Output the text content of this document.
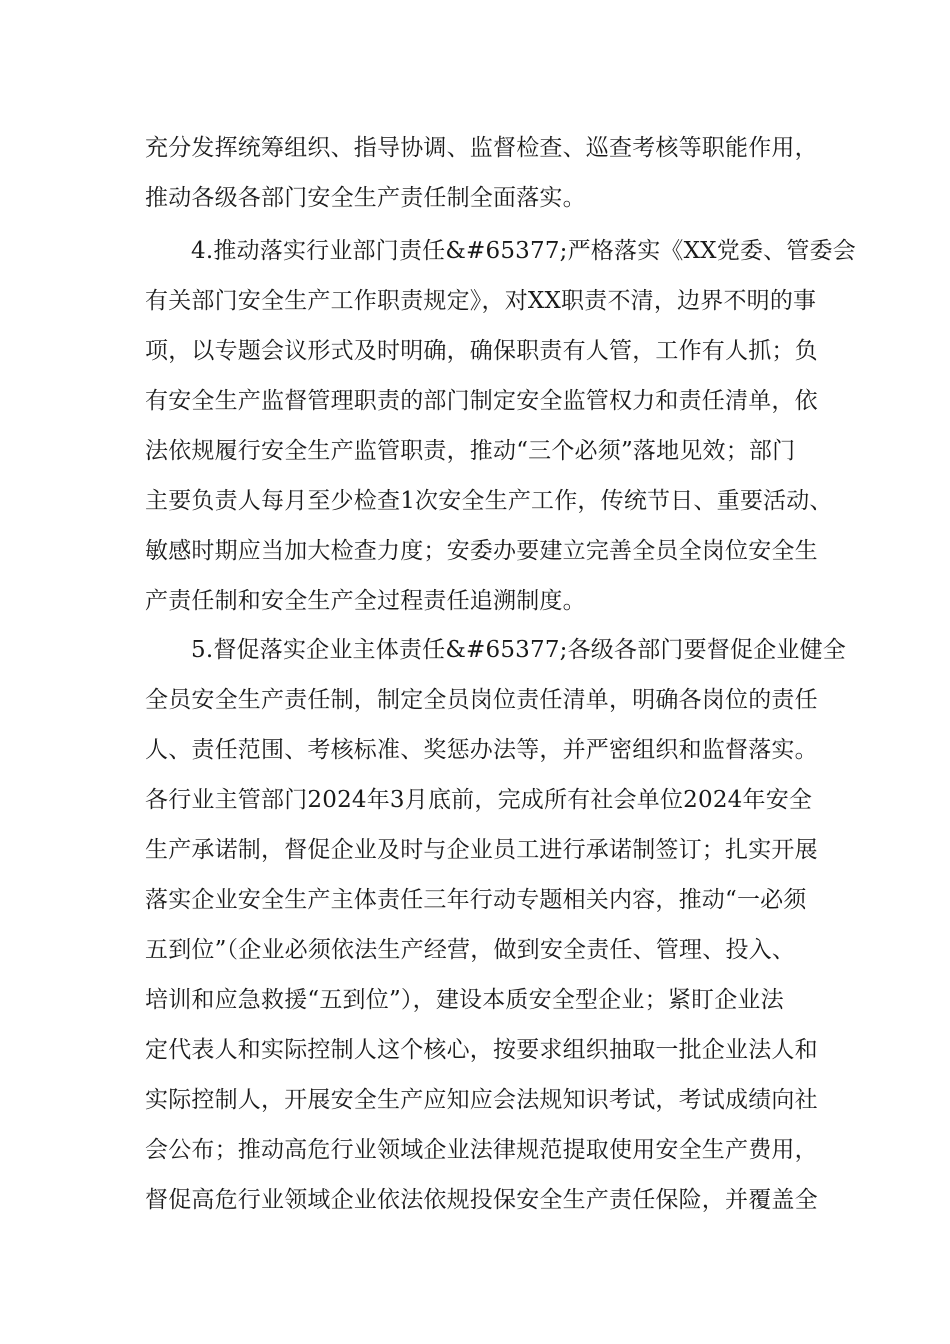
充分发挥统筹组织、指导协调、监督检查、巡查考核等职能作用，

推动各级各部门安全生产责任制全面落实。

4.推动落实行业部门责任&#65377;严格落实《XX党委、管委会

有关部门安全生产工作职责规定》，对XX职责不清，边界不明的事

项，以专题会议形式及时明确，确保职责有人管，工作有人抓；负

有安全生产监督管理职责的部门制定安全监管权力和责任清单，依

法依规履行安全生产监管职责，推动“三个必须”落地见效；部门

主要负责人每月至少检查1次安全生产工作，传统节日、重要活动、

敏感时期应当加大检查力度；安委办要建立完善全员全岗位安全生

产责任制和安全生产全过程责任追溯制度。

5.督促落实企业主体责任&#65377;各级各部门要督促企业健全

全员安全生产责任制，制定全员岗位责任清单，明确各岗位的责任

人、责任范围、考核标准、奖惩办法等，并严密组织和监督落实。

各行业主管部门2024年3月底前，完成所有社会单位2024年安全

生产承诺制，督促企业及时与企业员工进行承诺制签订；扎实开展

落实企业安全生产主体责任三年行动专题相关内容，推动“一必须

五到位”（企业必须依法生产经营，做到安全责任、管理、投入、

培训和应急救援“五到位”），建设本质安全型企业；紧盯企业法

定代表人和实际控制人这个核心，按要求组织抽取一批企业法人和

实际控制人，开展安全生产应知应会法规知识考试，考试成绩向社

会公布；推动高危行业领域企业法律规范提取使用安全生产费用，

督促高危行业领域企业依法依规投保安全生产责任保险，并覆盖全
